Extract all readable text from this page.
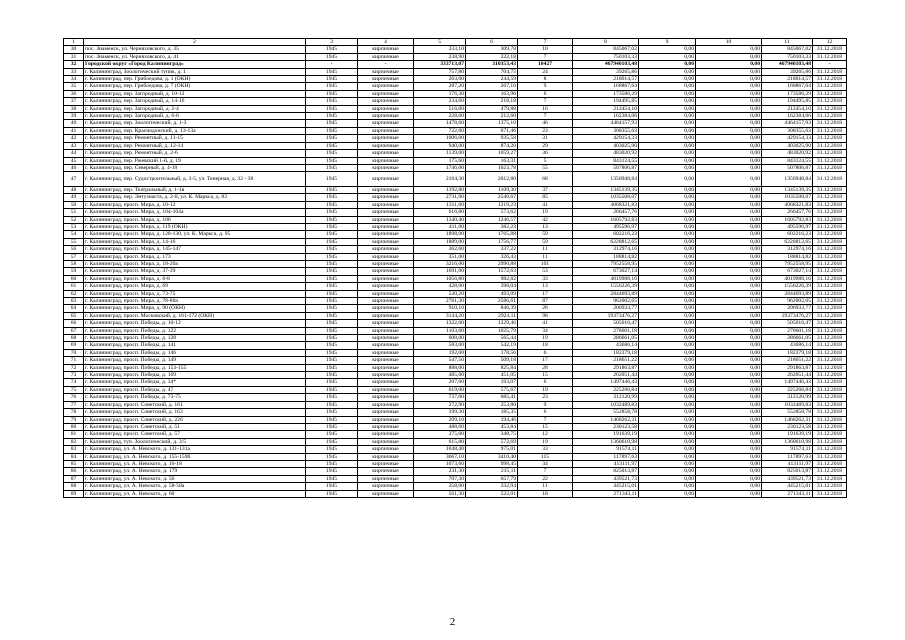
1	2	3	4	5	6	7	8	9	10	11	12
30	пос. Знаменск, ул. Черняховского, д. 35	1945	кирпичные	333,10	309,78	10	845067,02	0,00	0,00	845067,02	31.12.2018
31	пос. Знаменск, ул. Черняховского, д. 41	1945	кирпичные	238,90	222,18	7	750103,33	0,00	0,00	750103,33	31.12.2018
32	Городской округ «Город Калининград»	-	-	333713,07	310353,43	10427	467940103,48	0,00	0,00	467940103,48	-
33	г. Калининград, Зоологический тупик, д. 1	1945	кирпичные	757,80	704,75	24	39265,86	0,00	0,00	39265,86	31.12.2018
34	г. Калининград, пер. Грибоедова, д. 1 (ОКН)	1945	кирпичные	263,00	244,59	8	218014,57	0,00	0,00	218014,57	31.12.2018
35	г. Калининград, пер. Грибоедова, д. 7 (ОКН)	1945	кирпичные	287,20	267,10	9	168867,64	0,00	0,00	168867,64	31.12.2018
36	г. Калининград, пер. Загородный, д. 10-12	1945	кирпичные	176,30	163,96	6	173586,29	0,00	0,00	173586,29	31.12.2018
37	г. Калининград, пер. Загородный, д. 14-16	1945	кирпичные	234,60	218,18	7	194495,85	0,00	0,00	194495,85	31.12.2018
38	г. Калининград, пер. Загородный, д. 2-4	1945	кирпичные	516,00	479,88	16	212454,10	0,00	0,00	212454,10	31.12.2018
39	г. Калининград, пер. Загородный, д. 6-8	1945	кирпичные	228,60	212,60	7	162384,06	0,00	0,00	162384,06	31.12.2018
40	г. Калининград, пер. Зоологический, д. 1-3	1945	кирпичные	1478,60	1375,10	46	4464157,93	0,00	0,00	4464157,93	31.12.2018
41	г. Калининград, пер. Краснодонский, д. 13-13а	1945	кирпичные	722,00	671,46	23	308355,63	0,00	0,00	308355,63	31.12.2018
42	г. Калининград, пер. Ремонтный, д. 11-15	1945	кирпичные	1006,00	935,58	31	429154,33	0,00	0,00	429154,33	31.12.2018
43	г. Калининград, пер. Ремонтный, д. 12-14	1945	кирпичные	940,00	874,20	29	403025,90	0,00	0,00	403025,90	31.12.2018
44	г. Калининград, пер. Ремонтный, д. 2-6	1945	кирпичные	1139,00	1059,27	36	483020,92	0,00	0,00	483020,92	31.12.2018
45	г. Калининград, пер. Ржевский 1-й, д. 19	1945	кирпичные	175,60	163,31	5	843124,55	0,00	0,00	843124,55	31.12.2018
46	г. Калининград, пер. Северный, д. 4-10	1945	кирпичные	1746,00	1623,78	55	507806,87	0,00	0,00	507806,87	31.12.2018
47	г. Калининград, пер. Судостроительный, д. 3-5, ул. Тенерная, д. 32 - 38	1945	кирпичные	2164,30	2012,80	68	1356948,84	0,00	0,00	1356948,84	31.12.2018
48	г. Калининград, пер. Театральный, д. 1-1в	1945	кирпичные	1192,80	1109,30	37	1345139,35	0,00	0,00	1345139,35	31.12.2018
49	г. Калининград, пер. Энтузиаста, д. 2-8, ул. К. Маркса, д. 83	1945	кирпичные	2731,90	2540,67	85	1035508,07	0,00	0,00	1035508,07	31.12.2018
50	г. Калининград, просп. Мира, д. 10-12	1945	кирпичные	1311,00	1219,23	41	4068321,83	0,00	0,00	4068321,83	31.12.2018
51	г. Калининград, просп. Мира, д. 104-104а	1945	кирпичные	616,80	573,62	19	266457,76	0,00	0,00	266457,76	31.12.2018
52	г. Калининград, просп. Мира, д. 106	1945	кирпичные	1340,40	1246,57	42	1605792,83	0,00	0,00	1605792,83	31.12.2018
53	г. Калининград, просп. Мира, д. 119 (ОКН)	1945	кирпичные	411,00	382,23	13	495596,97	0,00	0,00	495596,97	31.12.2018
54	г. Калининград, просп. Мира, д. 128-130, ул. К. Маркса, д. 95	1945	кирпичные	1898,00	1765,88	59	602216,23	0,00	0,00	602216,23	31.12.2018
55	г. Калининград, просп. Мира, д. 14-16	1945	кирпичные	1889,00	1756,77	59	6228812,65	0,00	0,00	6228812,65	31.12.2018
56	г. Калининград, просп. Мира, д. 145-147	1945	кирпичные	362,60	337,22	11	312974,16	0,00	0,00	312974,16	31.12.2018
57	г. Калининград, просп. Мира, д. 173	1945	кирпичные	351,00	326,43	11	188814,82	0,00	0,00	188814,82	31.12.2018
58	г. Калининград, просп. Мира, д. 18-20а	1945	кирпичные	3216,00	2990,88	101	7952558,95	0,00	0,00	7952558,95	31.12.2018
59	г. Калининград, просп. Мира, д. 37-39	1945	кирпичные	1691,00	1572,63	53	673027,14	0,00	0,00	673027,14	31.12.2018
60	г. Калининград, просп. Мира, д. 6-8	1945	кирпичные	1056,80	982,82	33	4019988,16	0,00	0,00	4019988,16	31.12.2018
61	г. Калининград, просп. Мира, д. 69	1945	кирпичные	428,00	398,04	13	1556226,39	0,00	0,00	1556226,39	31.12.2018
62	г. Калининград, просп. Мира, д. 73-75	1945	кирпичные	530,20	493,09	17	2844693,89	0,00	0,00	2844693,89	31.12.2018
63	г. Калининград, просп. Мира, д. 78-80а	1945	кирпичные	2781,30	2586,61	87	962002,65	0,00	0,00	962002,65	31.12.2018
64	г. Калининград, просп. Мира, д. 90 (ОКН)	1945	кирпичные	910,10	846,39	28	206933,77	0,00	0,00	206933,77	31.12.2018
65	г. Калининград, просп. Московский, д. 161-172 (ОКН)	1945	кирпичные	3144,20	2924,11	98	19373476,27	0,00	0,00	19373476,27	31.12.2018
66	г. Калининград, просп. Победы, д. 10-12	1945	кирпичные	1322,00	1229,46	41	505016,47	0,00	0,00	505016,47	31.12.2018
67	г. Калининград, просп. Победы, д. 122	1945	кирпичные	1103,00	1025,79	34	278601,18	0,00	0,00	278601,18	31.12.2018
68	г. Калининград, просп. Победы, д. 128	1945	кирпичные	608,00	565,44	19	286661,05	0,00	0,00	286661,05	31.12.2018
69	г. Калининград, просп. Победы, д. 141	1945	кирпичные	583,00	542,19	18	43686,14	0,00	0,00	43686,14	31.12.2018
70	г. Калининград, просп. Победы, д. 146	1945	кирпичные	192,00	178,56	6	182379,18	0,00	0,00	182379,18	31.12.2018
71	г. Калининград, просп. Победы, д. 149	1945	кирпичные	547,50	509,18	17	218651,22	0,00	0,00	218651,22	31.12.2018
72	г. Калининград, просп. Победы, д. 153-155	1945	кирпичные	888,00	825,84	28	291863,87	0,00	0,00	291863,87	31.12.2018
73	г. Калининград, просп. Победы, д. 169	1945	кирпичные	485,00	451,05	15	262051,44	0,00	0,00	262051,44	31.12.2018
74	г. Калининград, просп. Победы, д. 34*	1945	кирпичные	207,60	193,07	6	1497446,43	0,00	0,00	1497446,43	31.12.2018
75	г. Калининград, просп. Победы, д. 47	1945	кирпичные	619,00	575,67	19	225266,84	0,00	0,00	225266,84	31.12.2018
76	г. Калининград, просп. Победы, д. 73-75	1945	кирпичные	737,00	685,41	23	312120,99	0,00	0,00	312120,99	31.12.2018
77	г. Калининград, просп. Советский, д. 161	1945	кирпичные	272,90	253,80	9	1032489,83	0,00	0,00	1032489,83	31.12.2018
78	г. Калининград, просп. Советский, д. 163	1945	кирпичные	199,30	185,35	6	552858,78	0,00	0,00	552858,78	31.12.2018
79	г. Калининград, просп. Советский, д. 226	1945	кирпичные	209,10	194,46	7	1468262,31	0,00	0,00	1468262,31	31.12.2018
80	г. Калининград, просп. Советский, д. 51	1945	кирпичные	488,00	453,84	15	230123,58	0,00	0,00	230123,58	31.12.2018
81	г. Калининград, просп. Советский, д. 57	1945	кирпичные	375,00	348,75	12	191639,19	0,00	0,00	191639,19	31.12.2018
82	г. Калининград, туп. Зоологический, д. 3/5	1945	кирпичные	615,80	572,69	19	1360610,98	0,00	0,00	1360610,98	31.12.2018
83	г. Калининград, ул. А. Невского, д. 131-131а	1945	кирпичные	1048,40	975,01	33	91574,11	0,00	0,00	91574,11	31.12.2018
84	г. Калининград, ул. А. Невского, д. 155-159б	1945	кирпичные	3667,10	3410,40	115	117897,63	0,00	0,00	117897,63	31.12.2018
85	г. Калининград, ул. А. Невского, д. 16-18	1945	кирпичные	1073,60	998,45	34	413111,97	0,00	0,00	413111,97	31.12.2018
86	г. Калининград, ул. А. Невского, д. 179	1945	кирпичные	231,30	215,11	7	825013,87	0,00	0,00	825013,87	31.12.2018
87	г. Калининград, ул. А. Невского, д. 56	1945	кирпичные	707,30	657,79	22	439521,73	0,00	0,00	439521,73	31.12.2018
88	г. Калининград, ул. А. Невского, д. 58-58а	1945	кирпичные	358,00	332,94	11	445215,01	0,00	0,00	445215,01	31.12.2018
89	г. Калининград, ул. А. Невского, д. 60	1945	кирпичные	561,30	522,01	18	271343,11	0,00	0,00	271343,11	31.12.2018
2
